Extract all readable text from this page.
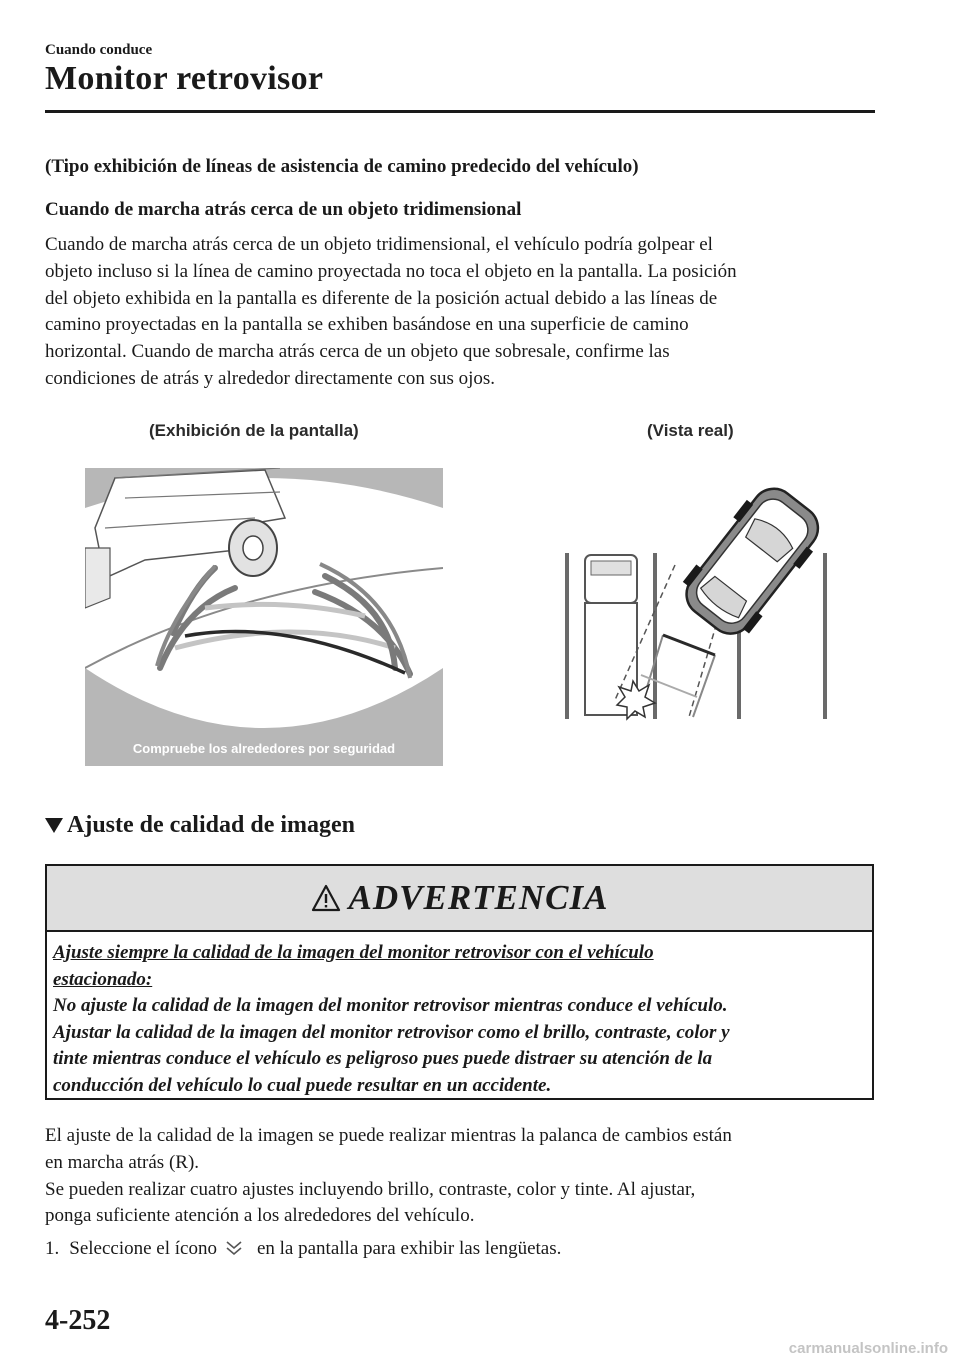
Cuando conduce
Monitor retrovisor
(Tipo exhibición de líneas de asistencia de camino predecido del vehículo)
Cuando de marcha atrás cerca de un objeto tridimensional
Cuando de marcha atrás cerca de un objeto tridimensional, el vehículo podría golpear el
objeto incluso si la línea de camino proyectada no toca el objeto en la pantalla. La posición
del objeto exhibida en la pantalla es diferente de la posición actual debido a las líneas de
camino proyectadas en la pantalla se exhiben basándose en una superficie de camino
horizontal. Cuando de marcha atrás cerca de un objeto que sobresale, confirme las
condiciones de atrás y alrededor directamente con sus ojos.
(Exhibición de la pantalla)	(Vista real)
Compruebe los alrededores por seguridad
Ajuste de calidad de imagen
ADVERTENCIA
Ajuste siempre la calidad de la imagen del monitor retrovisor con el vehículo
estacionado:
No ajuste la calidad de la imagen del monitor retrovisor mientras conduce el vehículo.
Ajustar la calidad de la imagen del monitor retrovisor como el brillo, contraste, color y
tinte mientras conduce el vehículo es peligroso pues puede distraer su atención de la
conducción del vehículo lo cual puede resultar en un accidente.
El ajuste de la calidad de la imagen se puede realizar mientras la palanca de cambios están
en marcha atrás (R).
Se pueden realizar cuatro ajustes incluyendo brillo, contraste, color y tinte. Al ajustar,
ponga suficiente atención a los alrededores del vehículo.
1. Seleccione el ícono en la pantalla para exhibir las lengüetas.
4-252
carmanualsonline.info
